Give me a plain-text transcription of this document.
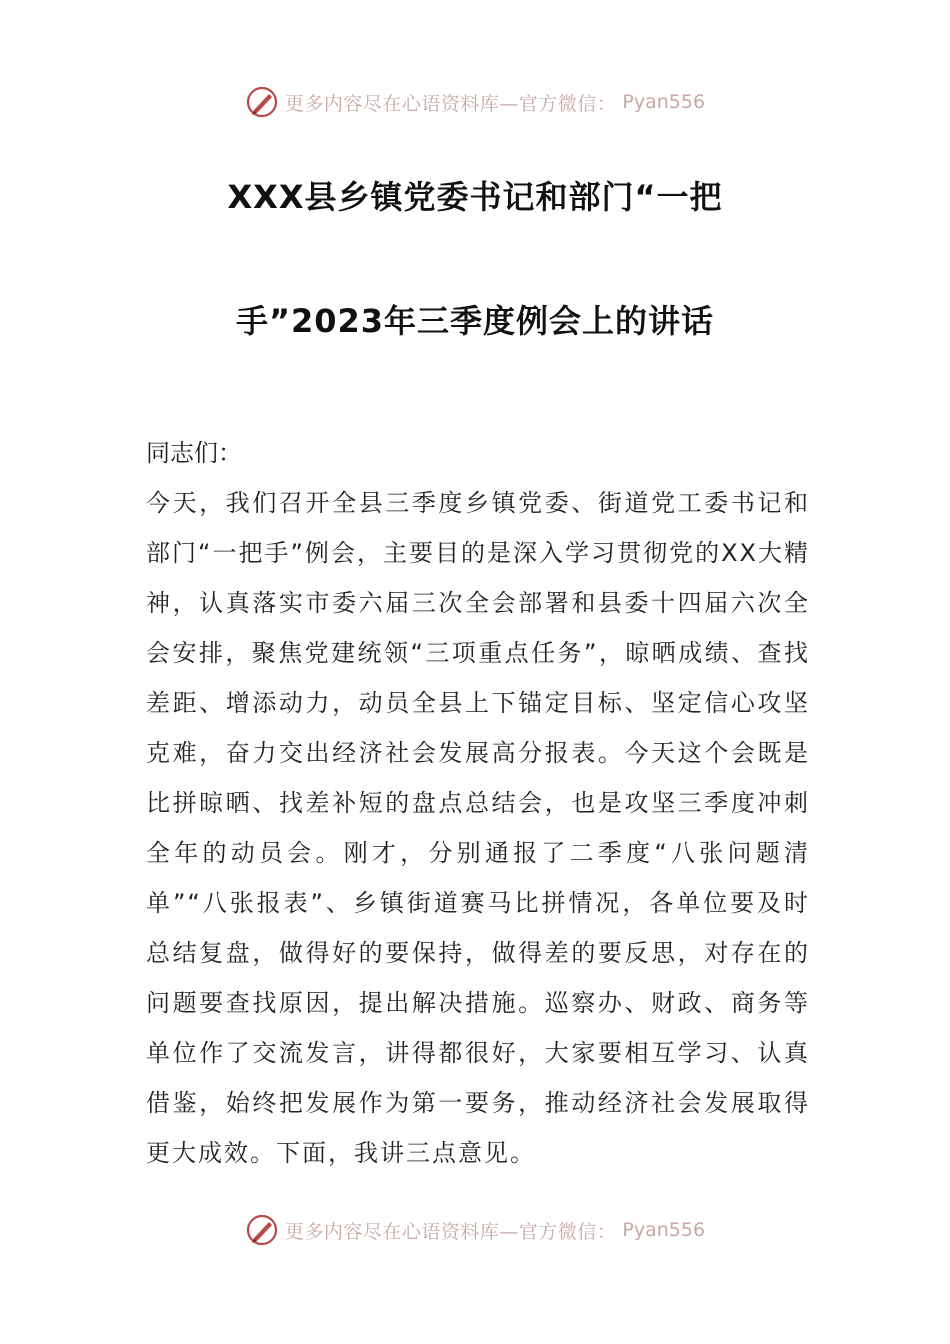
更多内容尽在心语资料库—官方微信： Pyan556
XXX县乡镇党委书记和部门“一把
手”2023年三季度例会上的讲话
同志们：
今天，我们召开全县三季度乡镇党委、街道党工委书记和部门“一把手”例会，主要目的是深入学习贯彻党的XX大精神，认真落实市委六届三次全会部署和县委十四届六次全会安排，聚焦党建统领“三项重点任务”，晾晒成绩、查找差距、增添动力，动员全县上下锚定目标、坚定信心攻坚克难，奋力交出经济社会发展高分报表。今天这个会既是比拼晾晒、找差补短的盘点总结会，也是攻坚三季度冲刺全年的动员会。刚才，分别通报了二季度“八张问题清单”“八张报表”、乡镇街道赛马比拼情况，各单位要及时总结复盘，做得好的要保持，做得差的要反思，对存在的问题要查找原因，提出解决措施。巡察办、财政、商务等单位作了交流发言，讲得都很好，大家要相互学习、认真借鉴，始终把发展作为第一要务，推动经济社会发展取得更大成效。下面，我讲三点意见。
更多内容尽在心语资料库—官方微信： Pyan556
